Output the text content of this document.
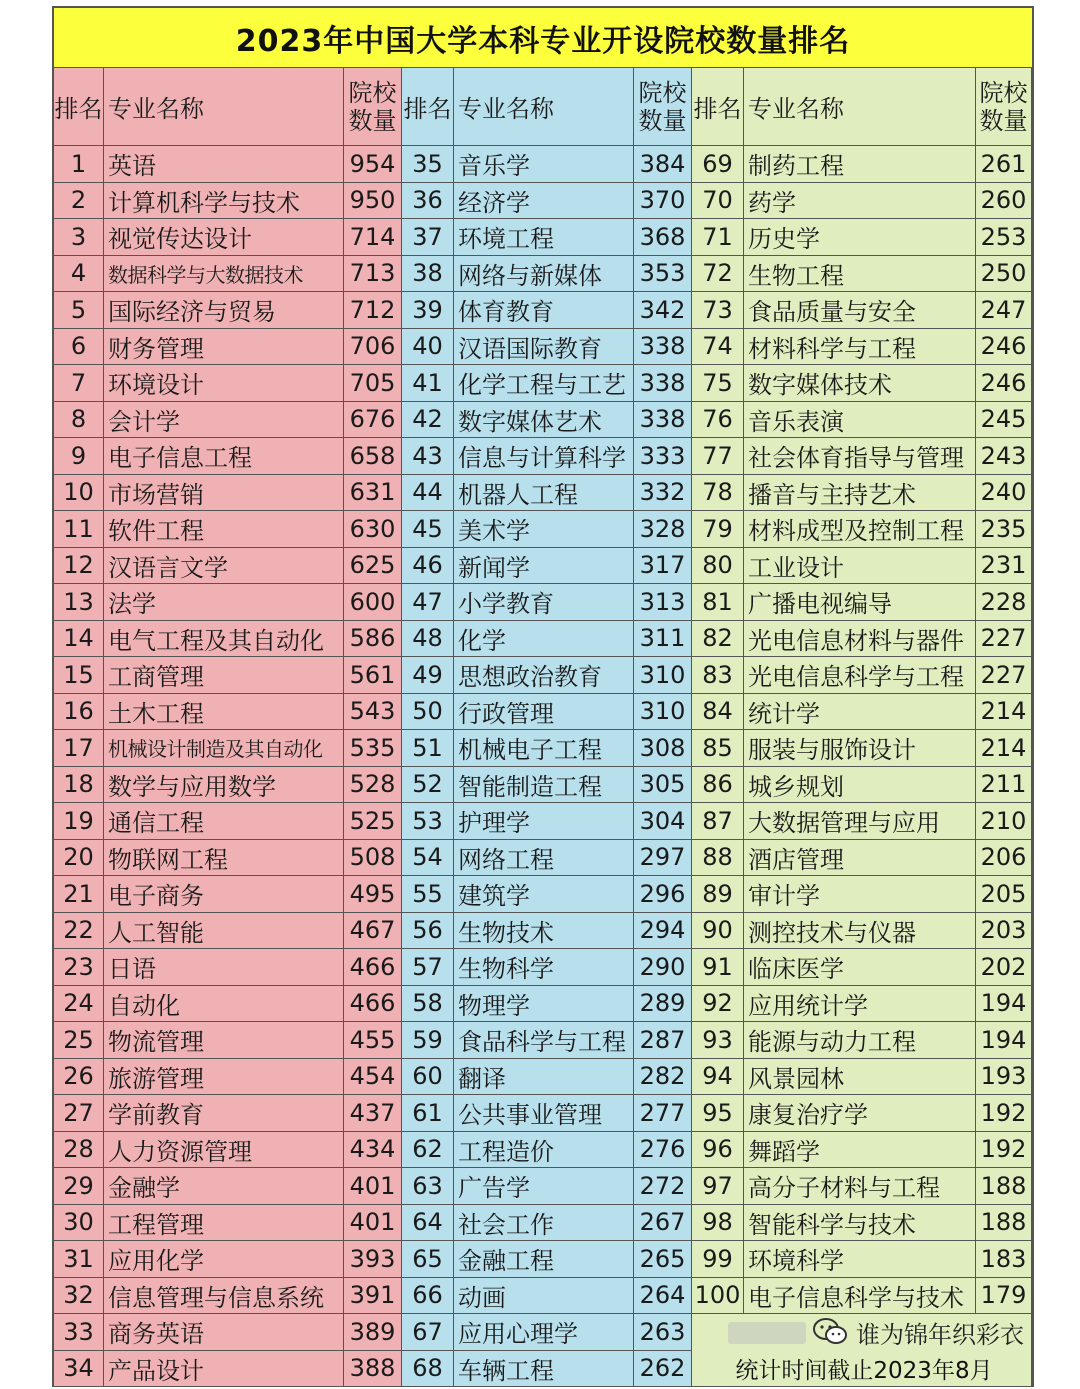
2023年中国大学本科专业开设院校数量排名
排名 专业名称
院校
数量
1 英语	954
2 计算机科学与技术	950
3 视觉传达设计	714
4	数据科学与大数据技术	713
5 国际经济与贸易	712
6 财务管理	706
7 环境设计	705
8 会计学	676
9 电子信息工程	658
10 市场营销	631
11 软件工程	630
12 汉语言文学	625
13 法学	600
14 电气工程及其自动化	586
15 工商管理	561
16 土木工程	543
17 机械设计制造及其自动化	535
18 数学与应用数学	528
19 通信工程	525
20 物联网工程	508
21 电子商务	495
22 人工智能	467
23 日语	466
24 自动化	466
25 物流管理	455
26 旅游管理	454
27 学前教育	437
28 人力资源管理	434
29 金融学	401
30 工程管理	401
31 应用化学	393
32 信息管理与信息系统	391
33 商务英语	389
34 产品设计	388
排名 专业名称
院校
数量
35 音乐学	384
36 经济学	370
37 环境工程	368
38 网络与新媒体	353
39 体育教育	342
40 汉语国际教育	338
41 化学工程与工艺 338
42 数字媒体艺术	338
43 信息与计算科学 333
44 机器人工程	332
45 美术学	328
46 新闻学	317
47 小学教育	313
48 化学	311
49 思想政治教育	310
50 行政管理	310
51 机械电子工程	308
52 智能制造工程	305
53 护理学	304
54 网络工程	297
55 建筑学	296
56 生物技术	294
57 生物科学	290
58 物理学	289
59 食品科学与工程 287
60 翻译	282
61 公共事业管理	277
62 工程造价	276
63 广告学	272
64 社会工作	267
65 金融工程	265
66 动画	264
67 应用心理学	263
68 车辆工程	262
排名 专业名称
院校
数量
69 制药工程	261
70 药学	260
71 历史学	253
72 生物工程	250
73 食品质量与安全	247
74 材料科学与工程	246
75 数字媒体技术	246
76 音乐表演	245
77 社会体育指导与管理 243
78 播音与主持艺术	240
79 材料成型及控制工程 235
80 工业设计	231
81 广播电视编导	228
82 光电信息材料与器件 227
83 光电信息科学与工程 227
84 统计学	214
85 服装与服饰设计	214
86 城乡规划	211
87 大数据管理与应用	210
88 酒店管理	206
89 审计学	205
90 测控技术与仪器	203
91 临床医学	202
92 应用统计学	194
93 能源与动力工程	194
94 风景园林	193
95 康复治疗学	192
96 舞蹈学	192
97 高分子材料与工程	188
98 智能科学与技术	188
99 环境科学	183
100 电子信息科学与技术 179
谁为锦年织彩衣
统计时间截止2023年8月
